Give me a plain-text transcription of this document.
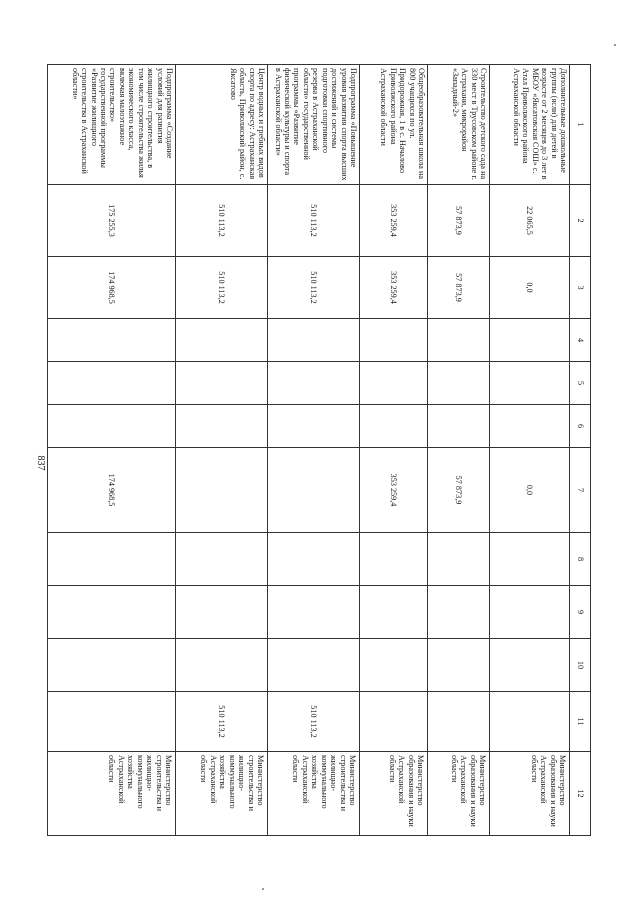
837
1	2	3	4	5	6	7	8	9	10	11	12
Дополнительные дошкольные группы (ясли) для детей в возрасте от 2 месяцев до 3 лет в МБОУ «Яксатовская СОШ» с. Атал Приволжского района Астраханской области	22 065,5	0,0				0,0					Министерство образования и науки Астраханской области
Строительство детского сада на 330 мест в Трусовском районе г. Астрахани, микрорайон «Западный-2»	57 873,9	57 873,9				57 873,9					Министерство образования и науки Астраханской области
Общеобразовательная школа на 800 учащихся по ул. Придорожная, 1 в с. Началово Приволжского района Астраханской области	353 259,4	353 259,4				353 259,4					Министерство образования и науки Астраханской области
Подпрограмма «Повышение уровня развития спорта высших достижений и системы подготовки спортивного резерва в Астраханской области» государственной программы «Развитие физической культуры и спорта в Астраханской области»	510 113,2	510 113,2								510 113,2	Министерство строительства и жилищно-коммунального хозяйства Астраханской области
Центр водных и гребных видов спорта по адресу: Астраханская область, Приволжский район, с. Яксатово	510 113,2	510 113,2								510 113,2	Министерство строительства и жилищно-коммунального хозяйства Астраханской области
Подпрограмма «Создание условий для развития жилищного строительства, в том числе строительства жилья экономического класса, включая малоэтажное строительство» государственной программы «Развитие жилищного строительства в Астраханской области»	175 255,3	174 968,5				174 968,5					Министерство строительства и жилищно-коммунального хозяйства Астраханской области
